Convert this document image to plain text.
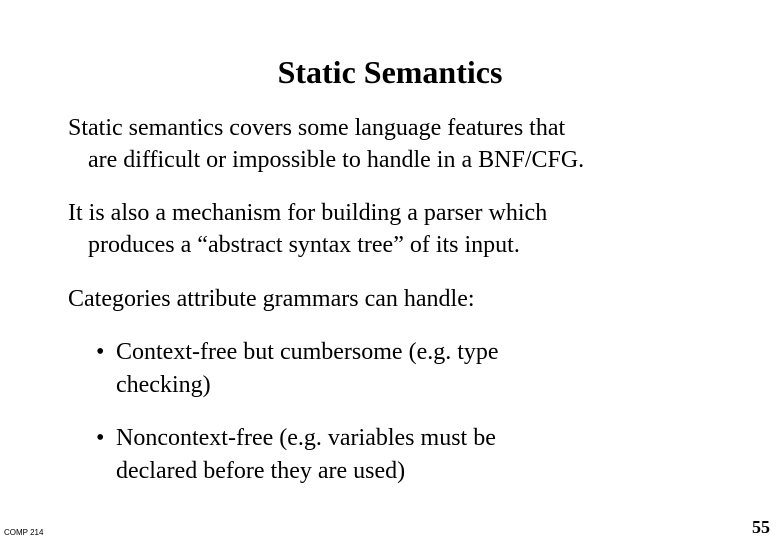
Static Semantics
Static semantics covers some language features that
are difficult or impossible to handle in a BNF/CFG.
It is also a mechanism for building a parser which
produces a “abstract syntax tree” of its input.
Categories attribute grammars can handle:
• Context-free but cumbersome (e.g. type
checking)
• Noncontext-free (e.g. variables must be
declared before they are used)
COMP 214	55
